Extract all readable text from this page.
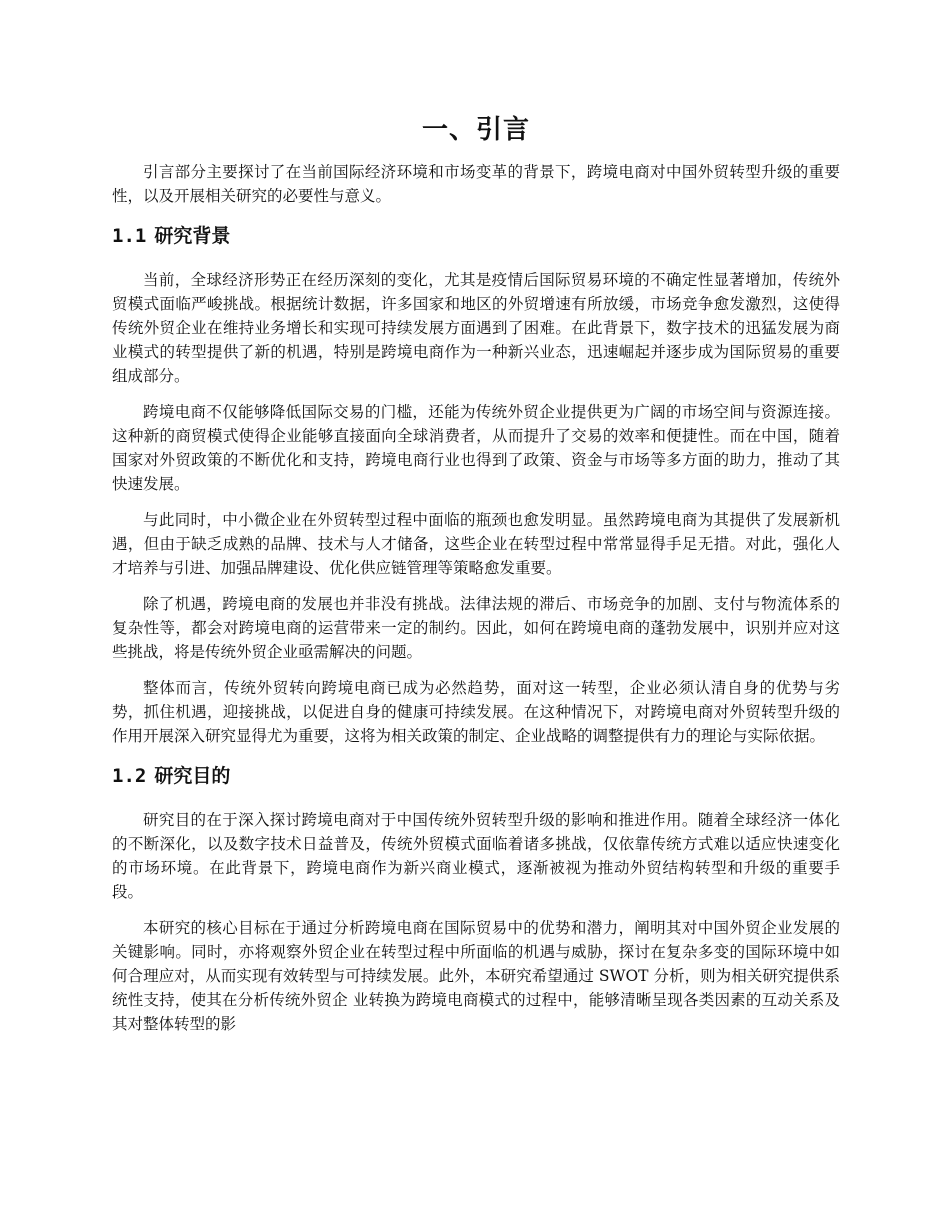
一、引言

引言部分主要探讨了在当前国际经济环境和市场变革的背景下，跨境电商对中国外贸转型升级的重要性，以及开展相关研究的必要性与意义。

1.1 研究背景

当前，全球经济形势正在经历深刻的变化，尤其是疫情后国际贸易环境的不确定性显著增加，传统外贸模式面临严峻挑战。根据统计数据，许多国家和地区的外贸增速有所放缓，市场竞争愈发激烈，这使得传统外贸企业在维持业务增长和实现可持续发展方面遇到了困难。在此背景下，数字技术的迅猛发展为商业模式的转型提供了新的机遇，特别是跨境电商作为一种新兴业态，迅速崛起并逐步成为国际贸易的重要组成部分。

跨境电商不仅能够降低国际交易的门槛，还能为传统外贸企业提供更为广阔的市场空间与资源连接。这种新的商贸模式使得企业能够直接面向全球消费者，从而提升了交易的效率和便捷性。而在中国，随着国家对外贸政策的不断优化和支持，跨境电商行业也得到了政策、资金与市场等多方面的助力，推动了其快速发展。

与此同时，中小微企业在外贸转型过程中面临的瓶颈也愈发明显。虽然跨境电商为其提供了发展新机遇，但由于缺乏成熟的品牌、技术与人才储备，这些企业在转型过程中常常显得手足无措。对此，强化人才培养与引进、加强品牌建设、优化供应链管理等策略愈发重要。

除了机遇，跨境电商的发展也并非没有挑战。法律法规的滞后、市场竞争的加剧、支付与物流体系的复杂性等，都会对跨境电商的运营带来一定的制约。因此，如何在跨境电商的蓬勃发展中，识别并应对这些挑战，将是传统外贸企业亟需解决的问题。

整体而言，传统外贸转向跨境电商已成为必然趋势，面对这一转型，企业必须认清自身的优势与劣势，抓住机遇，迎接挑战，以促进自身的健康可持续发展。在这种情况下，对跨境电商对外贸转型升级的作用开展深入研究显得尤为重要，这将为相关政策的制定、企业战略的调整提供有力的理论与实际依据。

1.2 研究目的

研究目的在于深入探讨跨境电商对于中国传统外贸转型升级的影响和推进作用。随着全球经济一体化的不断深化，以及数字技术日益普及，传统外贸模式面临着诸多挑战，仅依靠传统方式难以适应快速变化的市场环境。在此背景下，跨境电商作为新兴商业模式，逐渐被视为推动外贸结构转型和升级的重要手段。

本研究的核心目标在于通过分析跨境电商在国际贸易中的优势和潜力，阐明其对中国外贸企业发展的关键影响。同时，亦将观察外贸企业在转型过程中所面临的机遇与威胁，探讨在复杂多变的国际环境中如何合理应对，从而实现有效转型与可持续发展。此外，本研究希望通过 SWOT 分析，则为相关研究提供系统性支持，使其在分析传统外贸企 业转换为跨境电商模式的过程中，能够清晰呈现各类因素的互动关系及其对整体转型的影
